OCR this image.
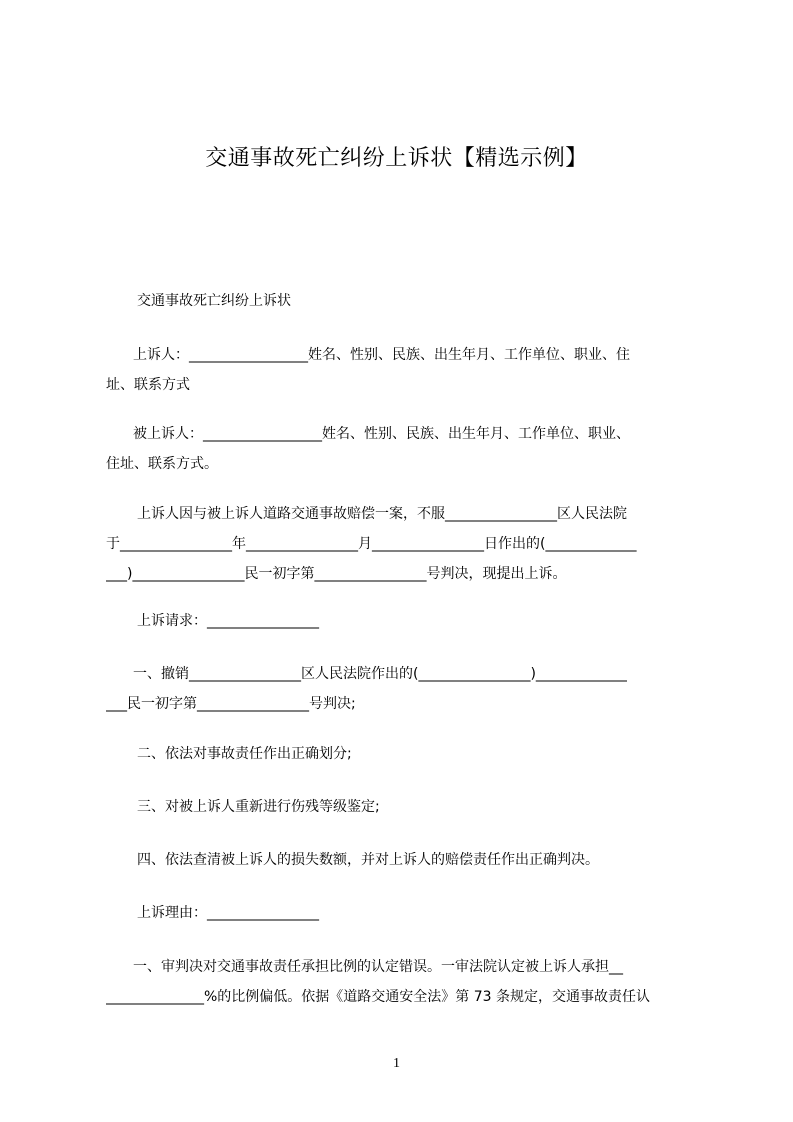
交通事故死亡纠纷上诉状【精选示例】
交通事故死亡纠纷上诉状
　上诉人：_________________姓名、性别、民族、出生年月、工作单位、职业、住
址、联系方式
　被上诉人：_________________姓名、性别、民族、出生年月、工作单位、职业、
住址、联系方式。
上诉人因与被上诉人道路交通事故赔偿一案，不服________________区人民法院
于________________年________________月________________日作出的(_____________
___)________________民一初字第________________号判决，现提出上诉。
上诉请求：________________
　一、撤销________________区人民法院作出的(________________)_____________
___民一初字第________________号判决;
二、依法对事故责任作出正确划分;
三、对被上诉人重新进行伤残等级鉴定;
四、依法查清被上诉人的损失数额，并对上诉人的赔偿责任作出正确判决。
上诉理由：________________
　一、审判决对交通事故责任承担比例的认定错误。一审法院认定被上诉人承担__
______________%的比例偏低。依据《道路交通安全法》第 73 条规定，交通事故责任认
1
